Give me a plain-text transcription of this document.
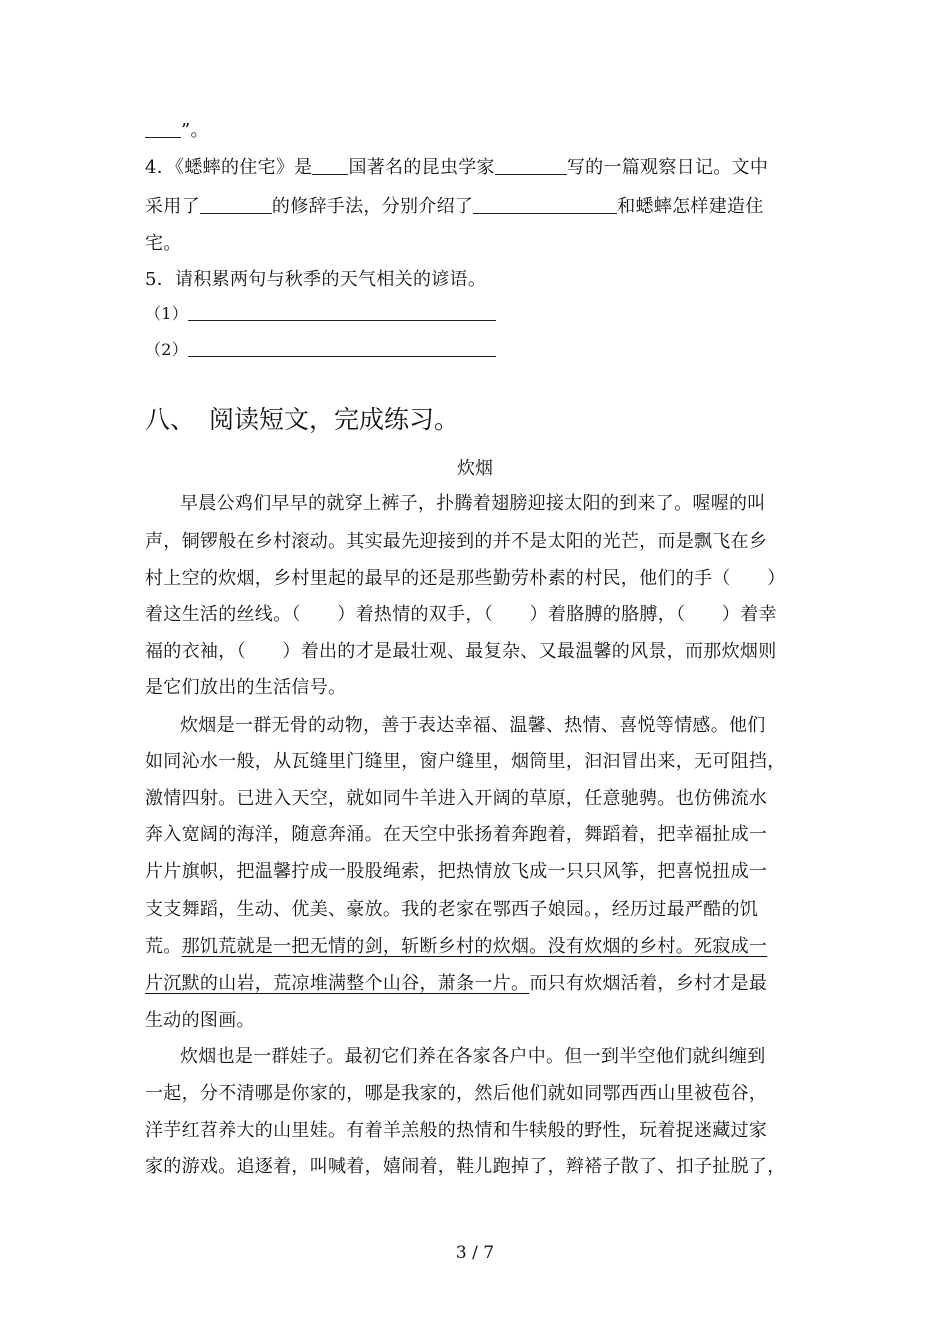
”。
4．《蟋蟀的住宅》是 国著名的昆虫学家	写的一篇观察日记。文中
采用了	的修辞手法，分别介绍了	和蟋蟀怎样建造住
宅。
5．请积累两句与秋季的天气相关的谚语。
（1）
（2）
八、 阅读短文，完成练习。
炊烟
早晨公鸡们早早的就穿上裤子，扑腾着翅膀迎接太阳的到来了。喔喔的叫
声，铜锣般在乡村滚动。其实最先迎接到的并不是太阳的光芒，而是飘飞在乡
村上空的炊烟，乡村里起的最早的还是那些勤劳朴素的村民，他们的手（　　）
着这生活的丝线。（　　）着热情的双手，（　　）着胳膊的胳膊，（　　）着幸
福的衣袖，（　　）着出的才是最壮观、最复杂、又最温馨的风景，而那炊烟则
是它们放出的生活信号。
炊烟是一群无骨的动物，善于表达幸福、温馨、热情、喜悦等情感。他们
如同沁水一般，从瓦缝里门缝里，窗户缝里，烟筒里，汩汩冒出来，无可阻挡，
激情四射。已进入天空，就如同牛羊进入开阔的草原，任意驰骋。也仿佛流水
奔入宽阔的海洋，随意奔涌。在天空中张扬着奔跑着，舞蹈着，把幸福扯成一
片片旗帜，把温馨拧成一股股绳索，把热情放飞成一只只风筝，把喜悦扭成一
支支舞蹈，生动、优美、豪放。我的老家在鄂西子娘园。，经历过最严酷的饥
荒。那饥荒就是一把无情的剑，斩断乡村的炊烟。没有炊烟的乡村。死寂成一
片沉默的山岩，荒凉堆满整个山谷，萧条一片。而只有炊烟活着，乡村才是最
生动的图画。
炊烟也是一群娃子。最初它们养在各家各户中。但一到半空他们就纠缠到
一起，分不清哪是你家的，哪是我家的，然后他们就如同鄂西西山里被苞谷，
洋芋红苕养大的山里娃。有着羊羔般的热情和牛犊般的野性，玩着捉迷藏过家
家的游戏。追逐着，叫喊着，嬉闹着，鞋儿跑掉了，辫褡子散了、扣子扯脱了，
3 / 7
